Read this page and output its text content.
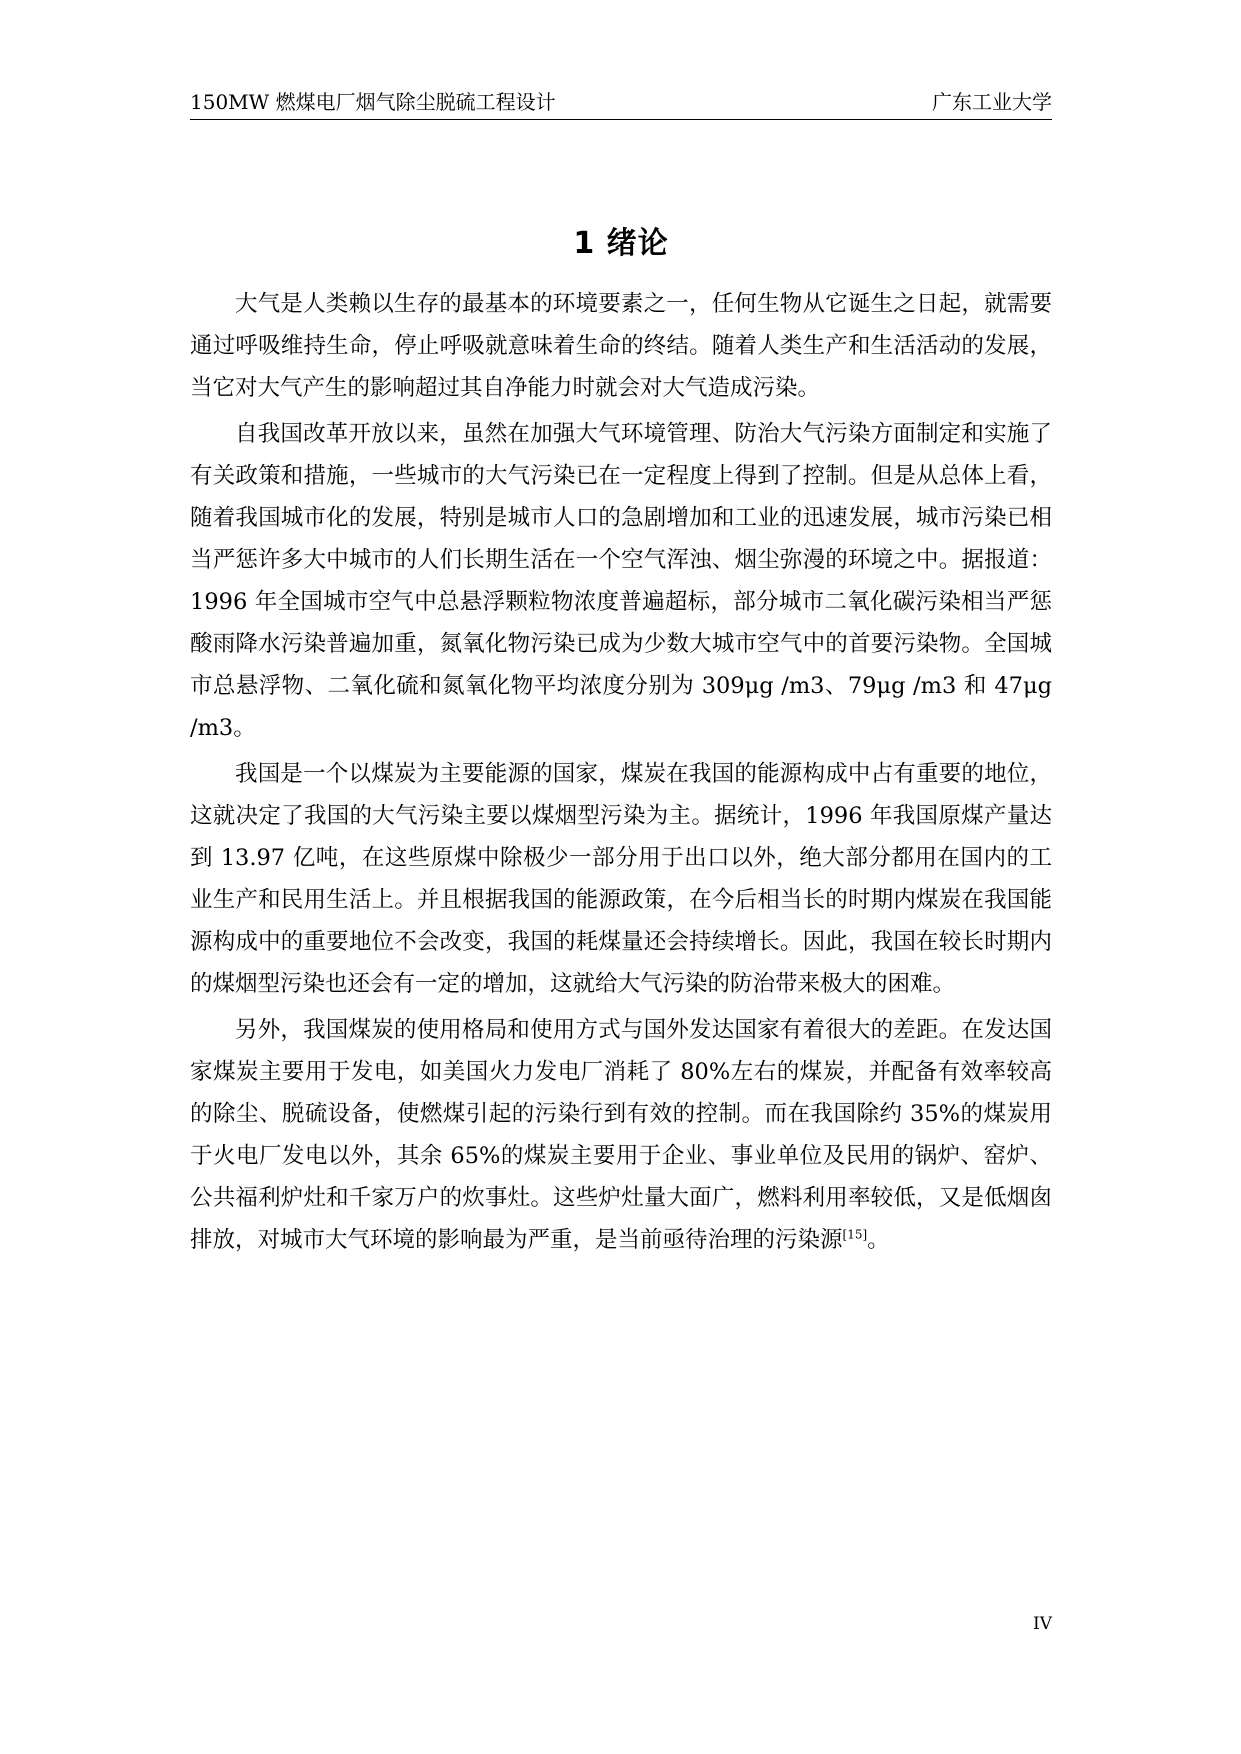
150MW 燃煤电厂烟气除尘脱硫工程设计	广东工业大学
1 绪论

大气是人类赖以生存的最基本的环境要素之一，任何生物从它诞生之日起，就需要通过呼吸维持生命，停止呼吸就意味着生命的终结。随着人类生产和生活活动的发展，当它对大气产生的影响超过其自净能力时就会对大气造成污染。

自我国改革开放以来，虽然在加强大气环境管理、防治大气污染方面制定和实施了有关政策和措施，一些城市的大气污染已在一定程度上得到了控制。但是从总体上看，随着我国城市化的发展，特别是城市人口的急剧增加和工业的迅速发展，城市污染已相当严惩许多大中城市的人们长期生活在一个空气浑浊、烟尘弥漫的环境之中。据报道：1996 年全国城市空气中总悬浮颗粒物浓度普遍超标，部分城市二氧化碳污染相当严惩酸雨降水污染普遍加重，氮氧化物污染已成为少数大城市空气中的首要污染物。全国城市总悬浮物、二氧化硫和氮氧化物平均浓度分别为 309μg /m3、79μg /m3 和 47μg /m3。

我国是一个以煤炭为主要能源的国家，煤炭在我国的能源构成中占有重要的地位，这就决定了我国的大气污染主要以煤烟型污染为主。据统计，1996 年我国原煤产量达到 13.97 亿吨，在这些原煤中除极少一部分用于出口以外，绝大部分都用在国内的工业生产和民用生活上。并且根据我国的能源政策，在今后相当长的时期内煤炭在我国能源构成中的重要地位不会改变，我国的耗煤量还会持续增长。因此，我国在较长时期内的煤烟型污染也还会有一定的增加，这就给大气污染的防治带来极大的困难。

另外，我国煤炭的使用格局和使用方式与国外发达国家有着很大的差距。在发达国家煤炭主要用于发电，如美国火力发电厂消耗了 80%左右的煤炭，并配备有效率较高的除尘、脱硫设备，使燃煤引起的污染行到有效的控制。而在我国除约 35%的煤炭用于火电厂发电以外，其余 65%的煤炭主要用于企业、事业单位及民用的锅炉、窑炉、公共福利炉灶和千家万户的炊事灶。这些炉灶量大面广，燃料利用率较低，又是低烟囱排放，对城市大气环境的影响最为严重，是当前亟待治理的污染源[15]。

IV
